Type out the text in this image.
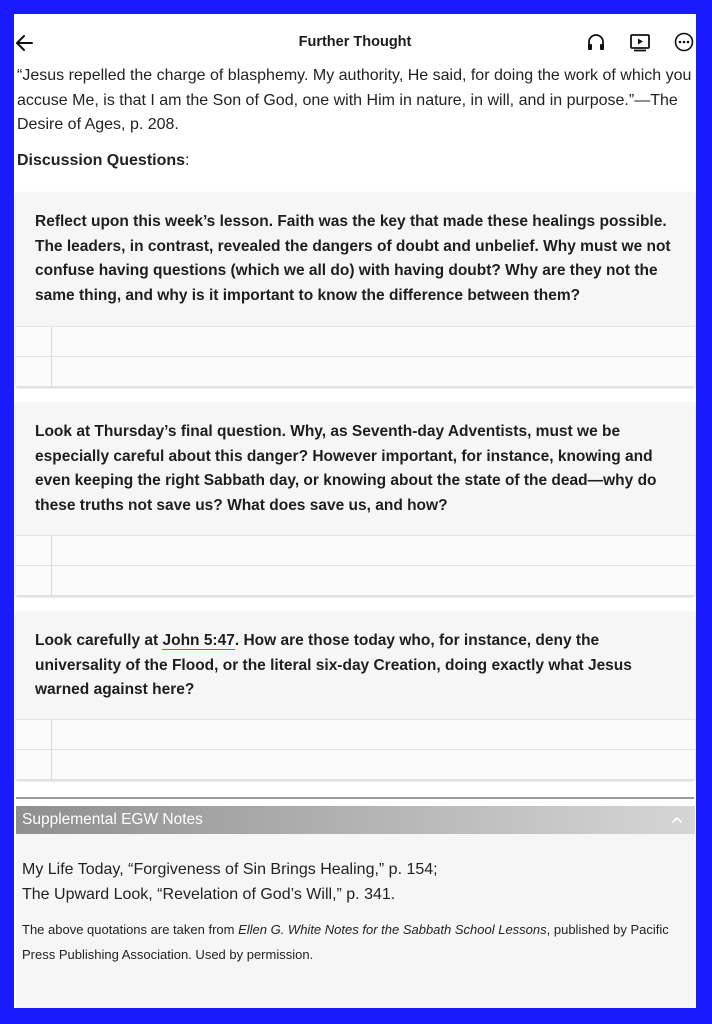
Further Thought

“Jesus repelled the charge of blasphemy. My authority, He said, for doing the work of which you accuse Me, is that I am the Son of God, one with Him in nature, in will, and in purpose.”—The Desire of Ages, p. 208.

Discussion Questions:

Reflect upon this week’s lesson. Faith was the key that made these healings possible. The leaders, in contrast, revealed the dangers of doubt and unbelief. Why must we not confuse having questions (which we all do) with having doubt? Why are they not the same thing, and why is it important to know the difference between them?

Look at Thursday’s final question. Why, as Seventh-day Adventists, must we be especially careful about this danger? However important, for instance, knowing and even keeping the right Sabbath day, or knowing about the state of the dead—why do these truths not save us? What does save us, and how?

Look carefully at John 5:47. How are those today who, for instance, deny the universality of the Flood, or the literal six-day Creation, doing exactly what Jesus warned against here?

Supplemental EGW Notes
My Life Today, “Forgiveness of Sin Brings Healing,” p. 154;
The Upward Look, “Revelation of God’s Will,” p. 341.
The above quotations are taken from Ellen G. White Notes for the Sabbath School Lessons, published by Pacific Press Publishing Association. Used by permission.
